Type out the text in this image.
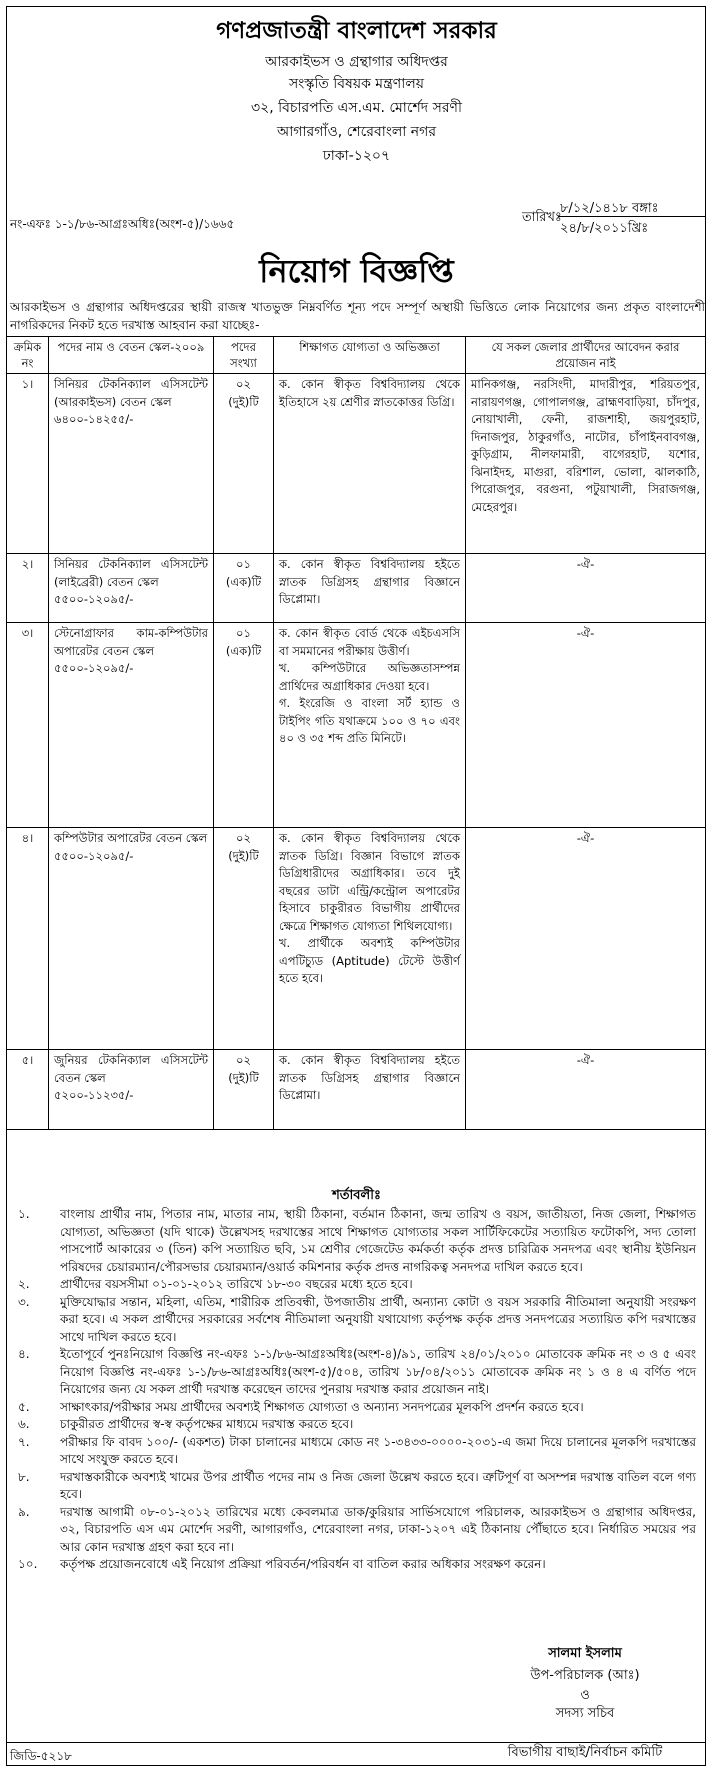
গণপ্রজাতন্ত্রী বাংলাদেশ সরকার
আরকাইভস ও গ্রন্থাগার অধিদপ্তর
সংস্কৃতি বিষয়ক মন্ত্রণালয়
৩২, বিচারপতি এস.এম. মোর্শেদ সরণী
আগারগাঁও, শেরেবাংলা নগর
ঢাকা-১২০৭
নং-এফঃ ১-১/৮৬-আগ্রঃঅধিঃ(অংশ-৫)/১৬৬৫
৮/১২/১৪১৮ বঙ্গাঃ
তারিখঃ
২৪/৮/২০১১খ্রিঃ
নিয়োগ বিজ্ঞপ্তি
আরকাইভস ও গ্রন্থাগার অধিদপ্তরের স্থায়ী রাজস্ব খাতভুক্ত নিম্নবর্ণিত শূন্য পদে সম্পূর্ণ অস্থায়ী ভিত্তিতে লোক নিয়োগের জন্য প্রকৃত বাংলাদেশী নাগরিকদের নিকট হতে দরখাস্ত আহবান করা যাচ্ছেঃ-
ক্রমিক নং	পদের নাম ও বেতন স্কেল-২০০৯	পদের সংখ্যা	শিক্ষাগত যোগ্যতা ও অভিজ্ঞতা	যে সকল জেলার প্রার্থীদের আবেদন করার প্রয়োজন নাই
১।	সিনিয়র টেকনিক্যাল এসিসটেন্ট (আরকাইভস) বেতন স্কেল
৬৪০০-১৪২৫৫/-	০২
(দুই)টি	ক. কোন স্বীকৃত বিশ্ববিদ্যালয় থেকে ইতিহাসে ২য় শ্রেণীর স্নাতকোত্তর ডিগ্রি।	মানিকগঞ্জ, নরসিংদী, মাদারীপুর, শরিয়তপুর, নারায়ণগঞ্জ, গোপালগঞ্জ, ব্রাহ্মণবাড়িয়া, চাঁদপুর, নোয়াখালী, ফেনী, রাজশাহী, জয়পুরহাট, দিনাজপুর, ঠাকুরগাঁও, নাটোর, চাঁপাইনবাবগঞ্জ, কুড়িগ্রাম, নীলফামারী, বাগেরহাট, যশোর, ঝিনাইদহ, মাগুরা, বরিশাল, ভোলা, ঝালকাঠি, পিরোজপুর, বরগুনা, পটুয়াখালী, সিরাজগঞ্জ, মেহেরপুর।
২।	সিনিয়র টেকনিক্যাল এসিসটেন্ট (লাইব্রেরী) বেতন স্কেল
৫৫০০-১২০৯৫/-	০১
(এক)টি	ক. কোন স্বীকৃত বিশ্ববিদ্যালয় হইতে স্নাতক ডিগ্রিসহ গ্রন্থাগার বিজ্ঞানে ডিপ্লোমা।	-ঐ-
৩।	স্টেনোগ্রাফার কাম-কম্পিউটার অপারেটর বেতন স্কেল
৫৫০০-১২০৯৫/-	০১
(এক)টি	ক. কোন স্বীকৃত বোর্ড থেকে এইচএসসি বা সমমানের পরীক্ষায় উত্তীর্ণ।
খ. কম্পিউটারে অভিজ্ঞতাসম্পন্ন প্রার্থিদের অগ্রাধিকার দেওয়া হবে।
গ. ইংরেজি ও বাংলা সর্ট হ্যান্ড ও টাইপিং গতি যথাক্রমে ১০০ ও ৭০ এবং ৪০ ও ৩৫ শব্দ প্রতি মিনিটে।	-ঐ-
৪।	কম্পিউটার অপারেটর বেতন স্কেল
৫৫০০-১২০৯৫/-	০২
(দুই)টি	ক. কোন স্বীকৃত বিশ্ববিদ্যালয় থেকে স্নাতক ডিগ্রি। বিজ্ঞান বিভাগে স্নাতক ডিগ্রিধারীদের অগ্রাধিকার। তবে দুই বছরের ডাটা এন্ট্রি/কন্ট্রোল অপারেটর হিসাবে চাকুরীরত বিভাগীয় প্রার্থীদের ক্ষেত্রে শিক্ষাগত যোগ্যতা শিথিলযোগ্য।
খ. প্রার্থীকে অবশ্যই কম্পিউটার এপটিচ্যুড (Aptitude) টেস্টে উত্তীর্ণ হতে হবে।	-ঐ-
৫।	জুনিয়র টেকনিক্যাল এসিসটেন্ট বেতন স্কেল
৫২০০-১১২৩৫/-	০২
(দুই)টি	ক. কোন স্বীকৃত বিশ্ববিদ্যালয় হইতে স্নাতক ডিগ্রিসহ গ্রন্থাগার বিজ্ঞানে ডিপ্লোমা।	-ঐ-
শর্তাবলীঃ
১.	বাংলায় প্রার্থীর নাম, পিতার নাম, মাতার নাম, স্থায়ী ঠিকানা, বর্তমান ঠিকানা, জন্ম তারিখ ও বয়স, জাতীয়তা, নিজ জেলা, শিক্ষাগত যোগ্যতা, অভিজ্ঞতা (যদি থাকে) উল্লেখসহ দরখাস্তের সাথে শিক্ষাগত যোগ্যতার সকল সার্টিফিকেটের সত্যায়িত ফটোকপি, সদ্য তোলা পাসপোর্ট আকারের ৩ (তিন) কপি সত্যায়িত ছবি, ১ম শ্রেণীর গেজেটেড কর্মকর্তা কর্তৃক প্রদত্ত চারিত্রিক সনদপত্র এবং স্থানীয় ইউনিয়ন পরিষদের চেয়ারম্যান/পৌরসভার চেয়ারম্যান/ওয়ার্ড কমিশনার কর্তৃক প্রদত্ত নাগরিকত্ব সনদপত্র দাখিল করতে হবে।
২.	প্রার্থীদের বয়সসীমা ০১-০১-২০১২ তারিখে ১৮-৩০ বছরের মধ্যে হতে হবে।
৩.	মুক্তিযোদ্ধার সন্তান, মহিলা, এতিম, শারীরিক প্রতিবন্ধী, উপজাতীয় প্রার্থী, অন্যান্য কোটা ও বয়স সরকারি নীতিমালা অনুযায়ী সংরক্ষণ করা হবে। এ সকল প্রার্থীদের সরকারের সর্বশেষ নীতিমালা অনুযায়ী যথাযোগ্য কর্তৃপক্ষ কর্তৃক প্রদত্ত সনদপত্রের সত্যায়িত কপি দরখাস্তের সাথে দাখিল করতে হবে।
৪.	ইতোপূর্বে পুনঃনিয়োগ বিজ্ঞপ্তি নং-এফঃ ১-১/৮৬-আগ্রঃঅধিঃ(অংশ-৪)/৯১, তারিখ ২৪/০১/২০১০ মোতাবেক ক্রমিক নং ৩ ও ৫ এবং নিয়োগ বিজ্ঞপ্তি নং-এফঃ ১-১/৮৬-আগ্রঃঅধিঃ(অংশ-৫)/৫০৪, তারিখ ১৮/০৪/২০১১ মোতাবেক ক্রমিক নং ১ ও ৪ এ বর্ণিত পদে নিয়োগের জন্য যে সকল প্রার্থী দরখাস্ত করেছেন তাদের পুনরায় দরখাস্ত করার প্রয়োজন নাই।
৫.	সাক্ষাৎকার/পরীক্ষার সময় প্রার্থীদের অবশ্যই শিক্ষাগত যোগ্যতা ও অন্যান্য সনদপত্রের মূলকপি প্রদর্শন করতে হবে।
৬.	চাকুরীরত প্রার্থীদের স্ব-স্ব কর্তৃপক্ষের মাধ্যমে দরখাস্ত করতে হবে।
৭.	পরীক্ষার ফি বাবদ ১০০/- (একশত) টাকা চালানের মাধ্যমে কোড নং ১-৩৪৩৩-০০০০-২০৩১-এ জমা দিয়ে চালানের মূলকপি দরখাস্তের সাথে সংযুক্ত করতে হবে।
৮.	দরখাস্তকারীকে অবশ্যই খামের উপর প্রার্থীত পদের নাম ও নিজ জেলা উল্লেখ করতে হবে। ত্রুটিপূর্ণ বা অসম্পন্ন দরখাস্ত বাতিল বলে গণ্য হবে।
৯.	দরখাস্ত আগামী ০৮-০১-২০১২ তারিখের মধ্যে কেবলমাত্র ডাক/কুরিয়ার সার্ভিসযোগে পরিচালক, আরকাইভস ও গ্রন্থাগার অধিদপ্তর, ৩২, বিচারপতি এস এম মোর্শেদ সরণী, আগারগাঁও, শেরেবাংলা নগর, ঢাকা-১২০৭ এই ঠিকানায় পৌঁছাতে হবে। নির্ধারিত সময়ের পর আর কোন দরখাস্ত গ্রহণ করা হবে না।
১০.	কর্তৃপক্ষ প্রয়োজনবোধে এই নিয়োগ প্রক্রিয়া পরিবর্তন/পরিবর্ধন বা বাতিল করার অধিকার সংরক্ষণ করেন।
সালমা ইসলাম
উপ-পরিচালক (আঃ)
ও
সদস্য সচিব
বিভাগীয় বাছাই/নির্বাচন কমিটি
জিডি-৫২১৮
